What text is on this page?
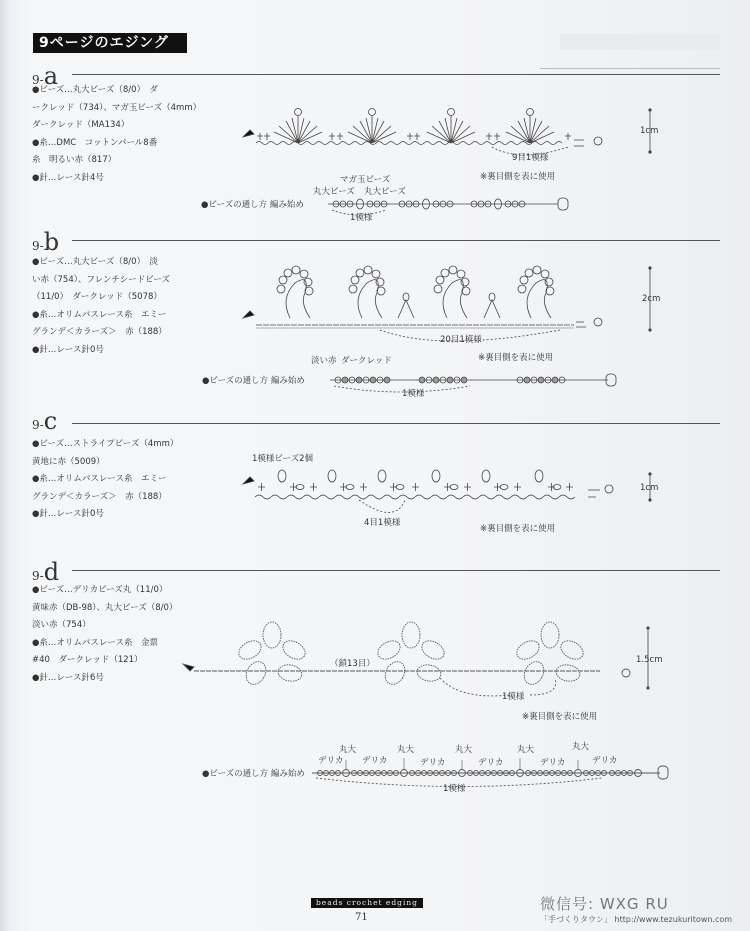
9ページのエジング
9-a
●ビーズ…丸大ビーズ（8/0）　ダ
ークレッド（734）、マガ玉ビーズ（4mm）
ダークレッド（MA134）
●糸…DMC　コットンパール8番
糸　明るい赤（817）
●針…レース針4号
9目1模様
※裏目側を表に使用
1cm
マガ玉ビーズ
丸大ビーズ 丸大ビーズ
●ビーズの通し方 編み始め
1模様
9-b
●ビーズ…丸大ビーズ（8/0）　淡
い赤（754）、フレンチシードビーズ
（11/0）　ダークレッド（5078）
●糸…オリムパスレース糸　エミー
グランデ＜カラーズ＞　赤（188）
●針…レース針0号
20目1模様
※裏目側を表に使用
2cm
淡い赤 ダークレッド
●ビーズの通し方 編み始め
1模様
9-c
●ビーズ…ストライプビーズ（4mm）
黄地に赤（5009）
●糸…オリムパスレース糸　エミー
グランデ＜カラーズ＞　赤（188）
●針…レース針0号
1模様ビーズ2個
4目1模様
※裏目側を表に使用
1cm
9-d
●ビーズ…デリカビーズ丸（11/0）
黄味赤（DB-98）、丸大ビーズ（8/0）
淡い赤（754）
●糸…オリムパスレース糸　金票
#40　ダークレッド（121）
●針…レース針6号
（鎖13目）
1模様
※裏目側を表に使用
1.5cm
丸大	丸大	丸大	丸大	丸大
デリカ デリカ	デリカ	デリカ	デリカ	デリカ
●ビーズの通し方 編み始め
1模様
beads crochet edging
71
微信号: WXG RU
「手づくりタウン」 http://www.tezukuritown.com
